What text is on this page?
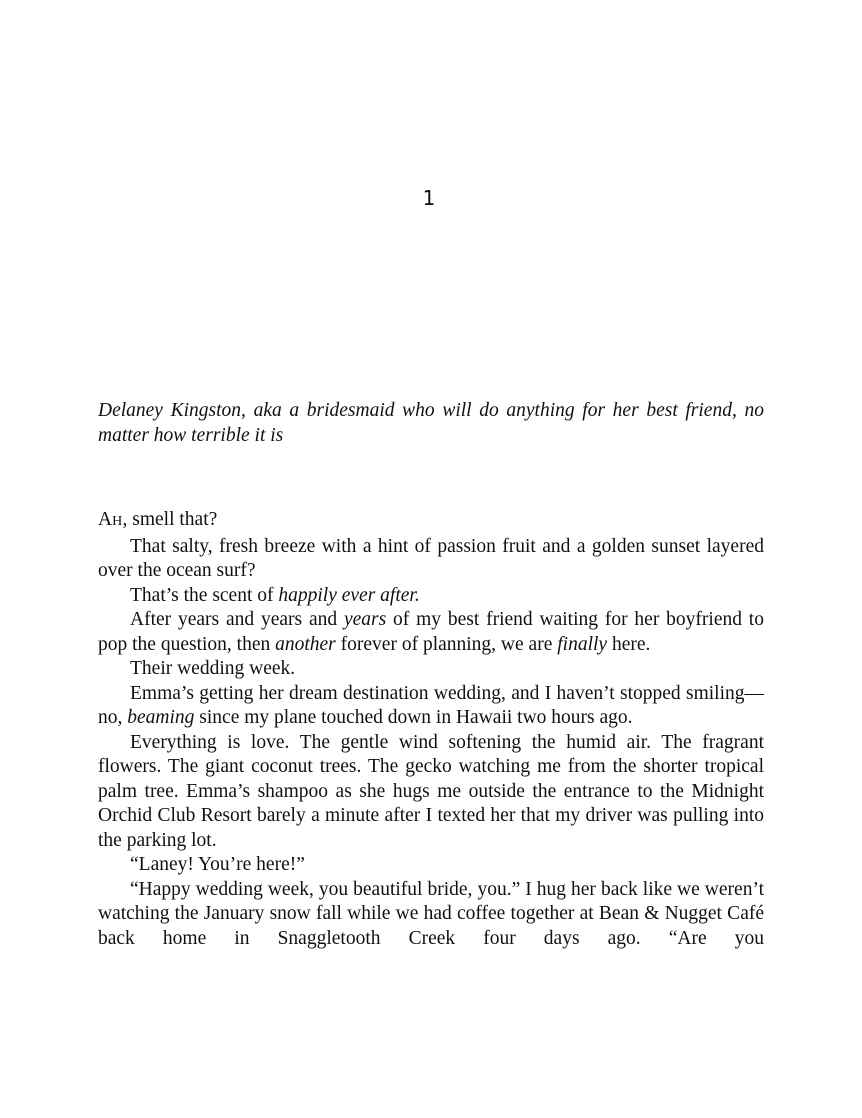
1

Delaney Kingston, aka a bridesmaid who will do anything for her best friend, no matter how terrible it is

AH, smell that?

That salty, fresh breeze with a hint of passion fruit and a golden sunset layered over the ocean surf?

That’s the scent of happily ever after.

After years and years and years of my best friend waiting for her boyfriend to pop the question, then another forever of planning, we are finally here.

Their wedding week.

Emma’s getting her dream destination wedding, and I haven’t stopped smiling—no, beaming since my plane touched down in Hawaii two hours ago.

Everything is love. The gentle wind softening the humid air. The fragrant flowers. The giant coconut trees. The gecko watching me from the shorter tropical palm tree. Emma’s shampoo as she hugs me outside the entrance to the Midnight Orchid Club Resort barely a minute after I texted her that my driver was pulling into the parking lot.

“Laney! You’re here!”

“Happy wedding week, you beautiful bride, you.” I hug her back like we weren’t watching the January snow fall while we had coffee together at Bean & Nugget Café back home in Snaggletooth Creek four days ago. “Are you
